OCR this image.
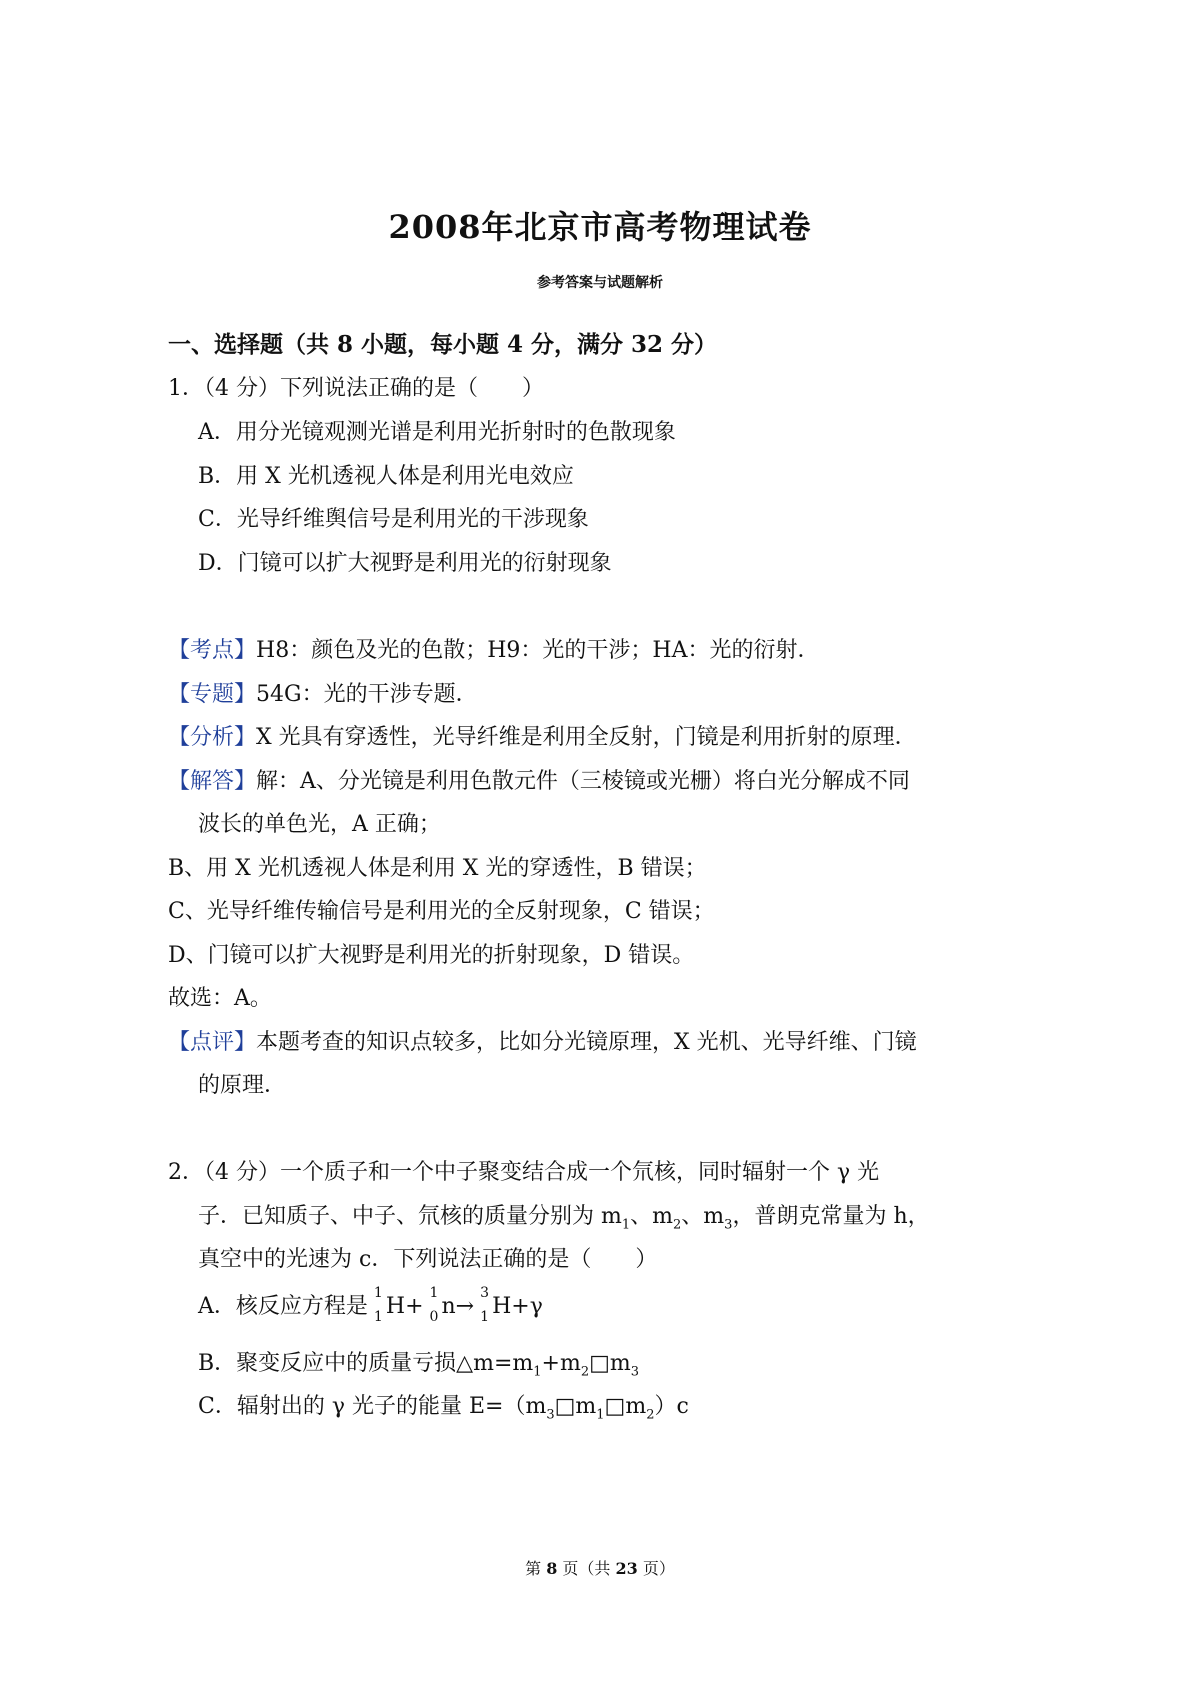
2008年北京市高考物理试卷
参考答案与试题解析
一、选择题（共 8 小题，每小题 4 分，满分 32 分）
1．（4 分）下列说法正确的是（　　）
A．用分光镜观测光谱是利用光折射时的色散现象
B．用 X 光机透视人体是利用光电效应
C．光导纤维舆信号是利用光的干涉现象
D．门镜可以扩大视野是利用光的衍射现象
【考点】H8：颜色及光的色散；H9：光的干涉；HA：光的衍射．
【专题】54G：光的干涉专题．
【分析】X 光具有穿透性，光导纤维是利用全反射，门镜是利用折射的原理．
【解答】解：A、分光镜是利用色散元件（三棱镜或光栅）将白光分解成不同
波长的单色光，A 正确；
B、用 X 光机透视人体是利用 X 光的穿透性，B 错误；
C、光导纤维传输信号是利用光的全反射现象，C 错误；
D、门镜可以扩大视野是利用光的折射现象，D 错误。
故选：A。
【点评】本题考查的知识点较多，比如分光镜原理，X 光机、光导纤维、门镜
的原理．
2．（4 分）一个质子和一个中子聚变结合成一个氘核，同时辐射一个 γ 光
子．已知质子、中子、氘核的质量分别为 $m_1$、$m_2$、$m_3$，普朗克常量为 h，
真空中的光速为 c．下列说法正确的是（　　）
A．核反应方程是
1
1 H+
1
0 n→
3
1 H+γ
B．聚变反应中的质量亏损$\triangle m=m_1+m_2□m_3$
C．辐射出的 γ 光子的能量 $E=(m_3□m_1□m_2)c$
第 8 页（共 23 页）
